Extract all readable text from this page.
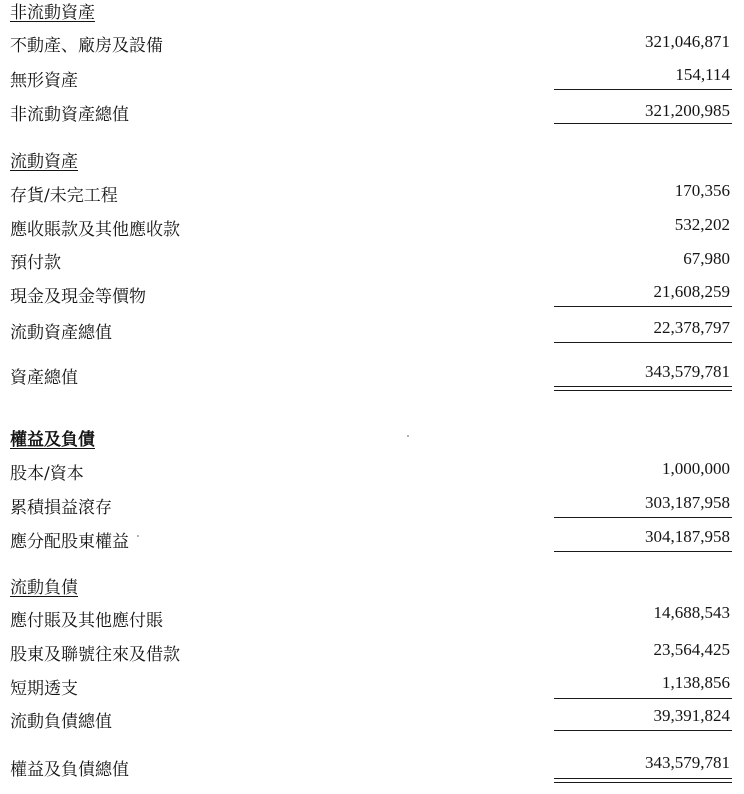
非流動資產
不動產、廠房及設備	321,046,871
無形資產	154,114
非流動資產總值	321,200,985
流動資產
存貨/未完工程	170,356
應收賬款及其他應收款	532,202
預付款	67,980
現金及現金等價物	21,608,259
流動資產總值	22,378,797
資產總值	343,579,781
權益及負債
股本/資本	1,000,000
累積損益滾存	303,187,958
應分配股東權益	304,187,958
流動負債
應付賬及其他應付賬	14,688,543
股東及聯號往來及借款	23,564,425
短期透支	1,138,856
流動負債總值	39,391,824
權益及負債總值	343,579,781
